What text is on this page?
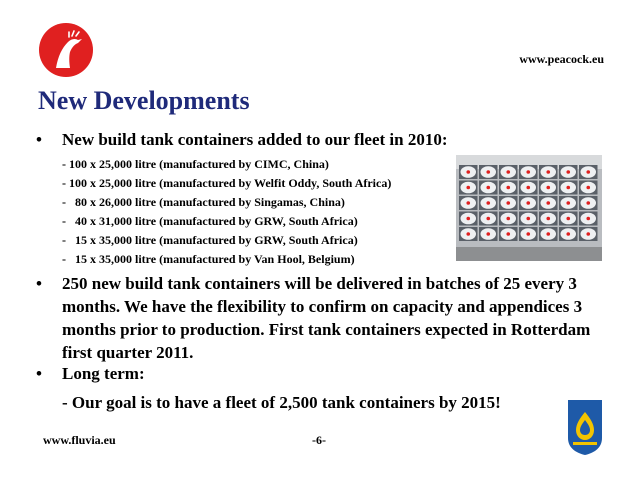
www.peacock.eu
New Developments
•	New build tank containers added to our fleet in 2010:
- 100 x 25,000 litre (manufactured by CIMC, China)
- 100 x 25,000 litre (manufactured by Welfit Oddy, South Africa)
-   80 x 26,000 litre (manufactured by Singamas, China)
-   40 x 31,000 litre (manufactured by GRW, South Africa)
-   15 x 35,000 litre (manufactured by GRW, South Africa)
-   15 x 35,000 litre (manufactured by Van Hool, Belgium)
•	250 new build tank containers will be delivered in batches of 25 every 3 months. We have the flexibility to confirm on capacity and appendices 3 months prior to production. First tank containers expected in Rotterdam first quarter 2011.
•	Long term:
- Our goal is to have a fleet of 2,500 tank containers by 2015!
www.fluvia.eu	-6-
